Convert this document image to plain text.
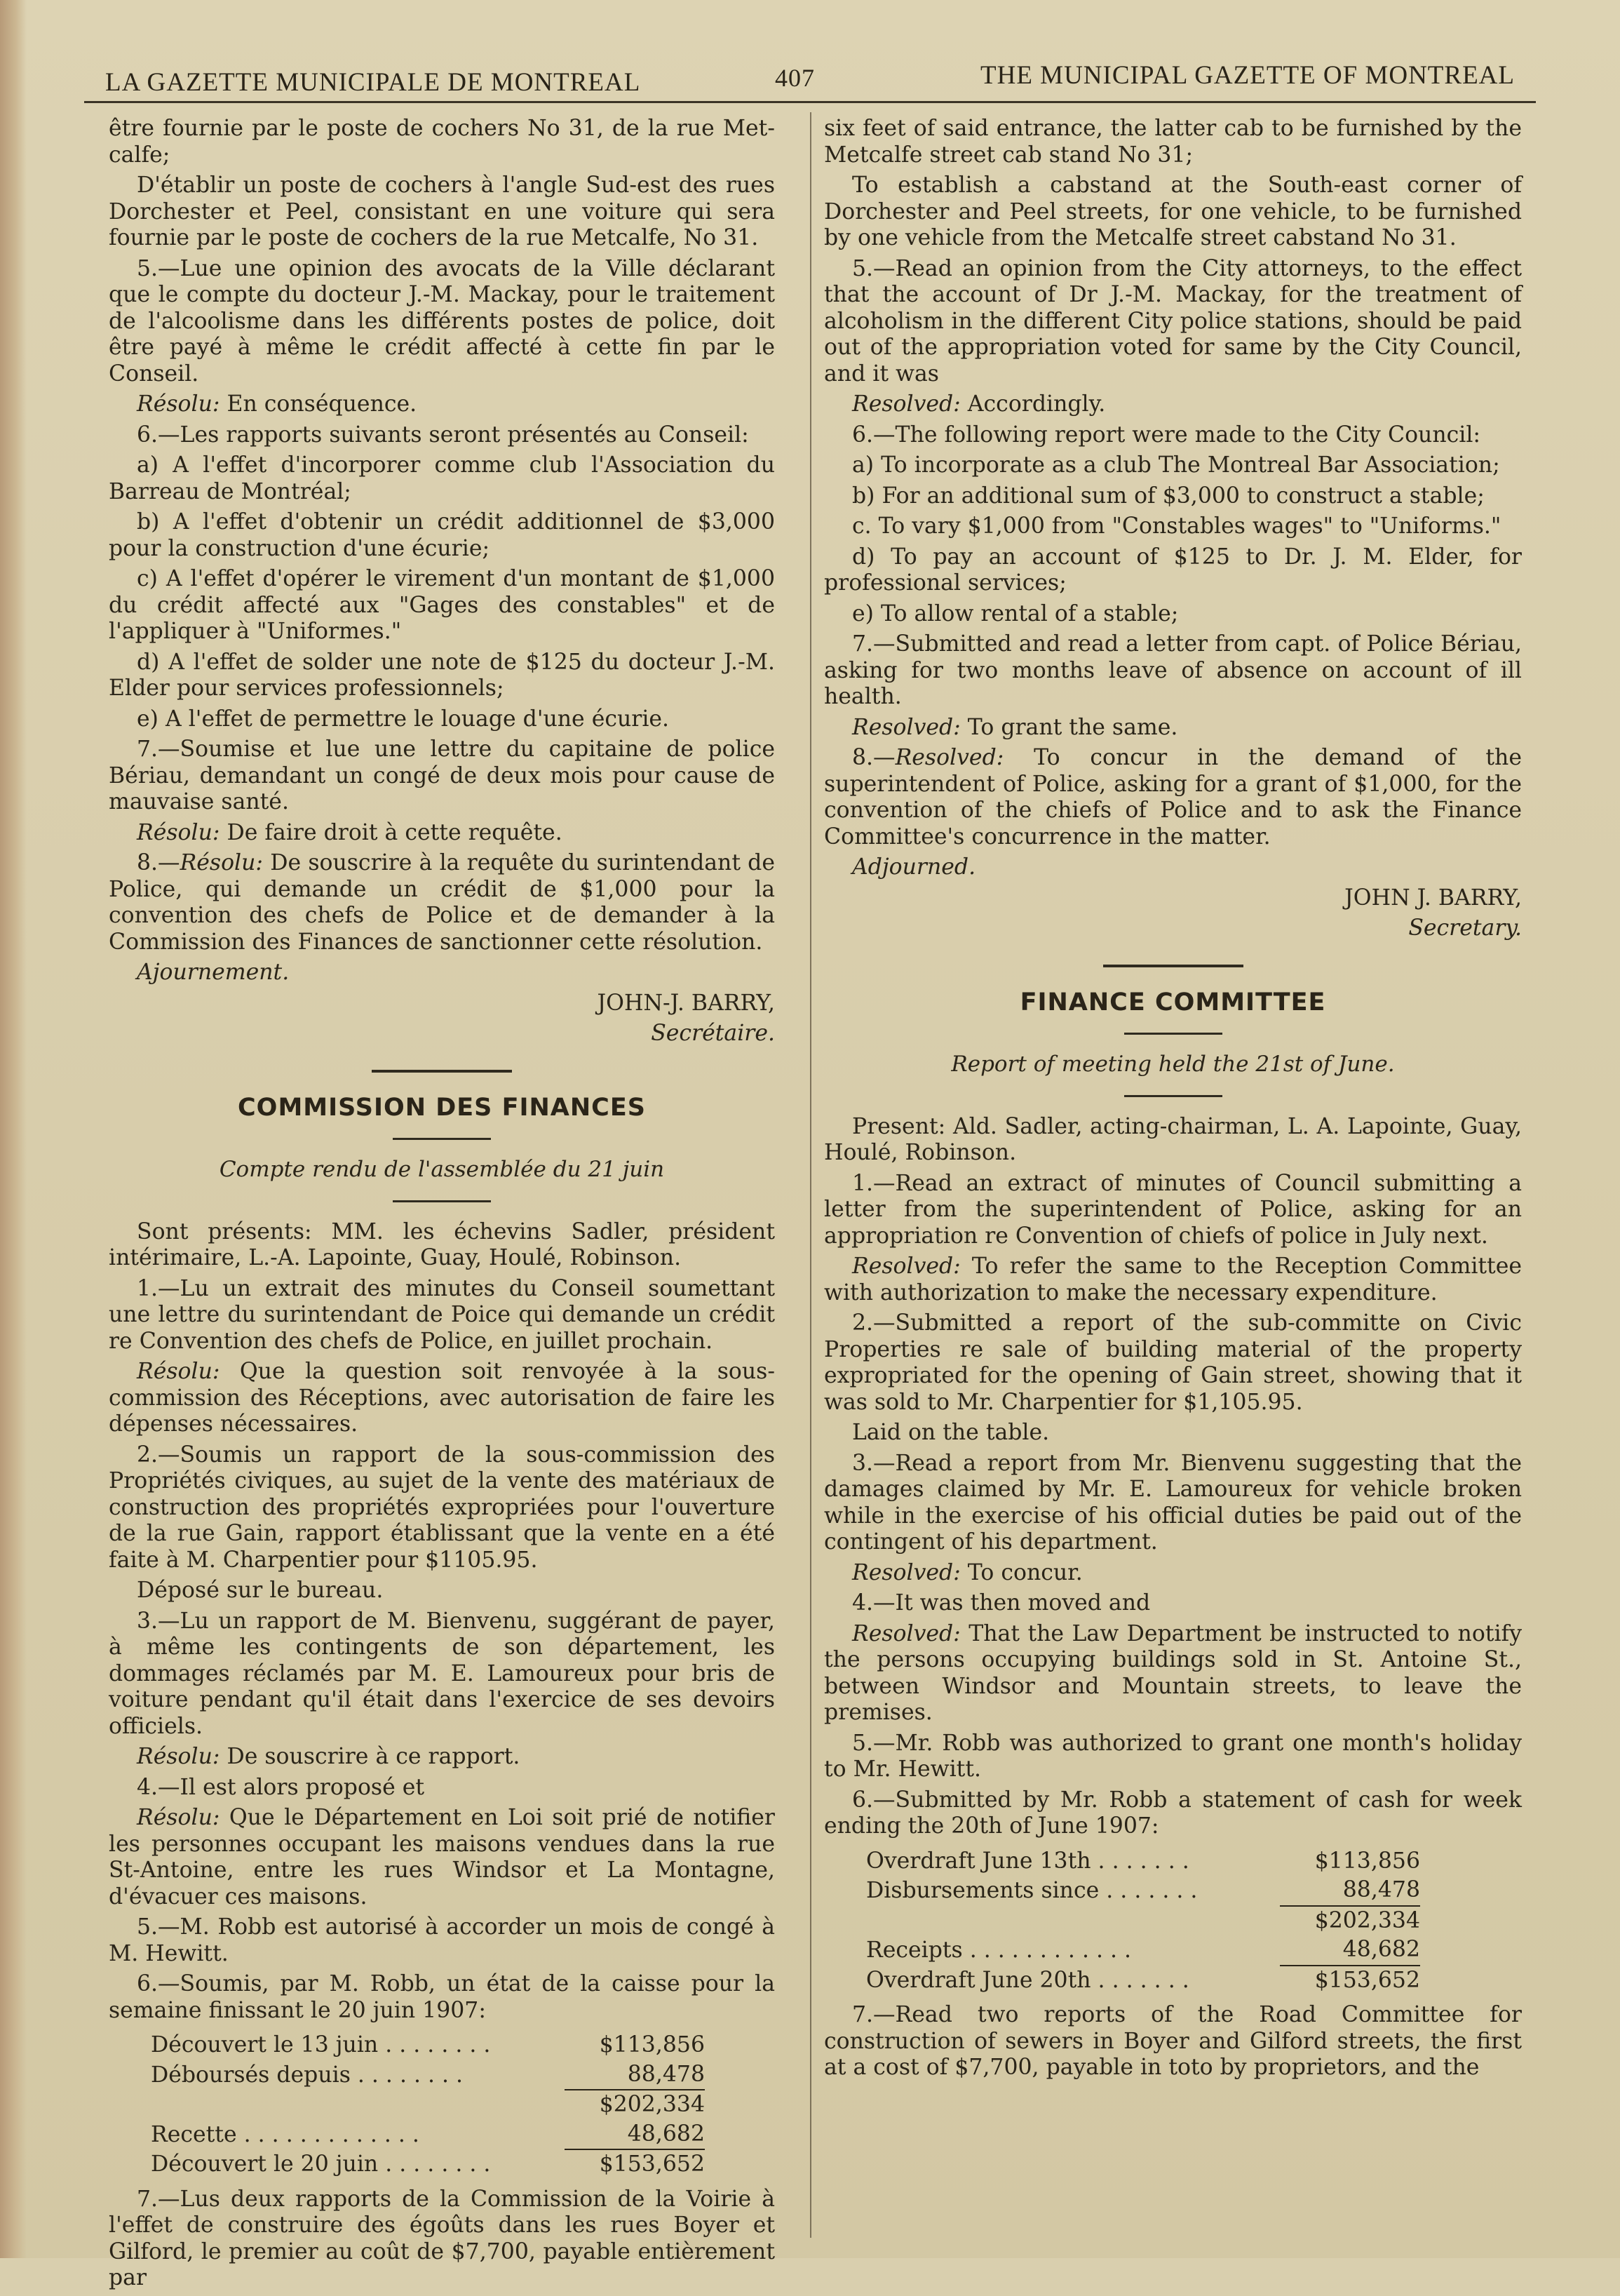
LA GAZETTE MUNICIPALE DE MONTREAL	407	THE MUNICIPAL GAZETTE OF MONTREAL

être fournie par le poste de cochers No 31, de la rue Met-calfe;

D'établir un poste de cochers à l'angle Sud-est des rues Dorchester et Peel, consistant en une voiture qui sera fournie par le poste de cochers de la rue Metcalfe, No 31.

5.—Lue une opinion des avocats de la Ville déclarant que le compte du docteur J.-M. Mackay, pour le traitement de l'alcoolisme dans les différents postes de police, doit être payé à même le crédit affecté à cette fin par le Conseil.

Résolu: En conséquence.

6.—Les rapports suivants seront présentés au Conseil:

a) A l'effet d'incorporer comme club l'Association du Barreau de Montréal;

b) A l'effet d'obtenir un crédit additionnel de $3,000 pour la construction d'une écurie;

c) A l'effet d'opérer le virement d'un montant de $1,000 du crédit affecté aux "Gages des constables" et de l'appliquer à "Uniformes."

d) A l'effet de solder une note de $125 du docteur J.-M. Elder pour services professionnels;

e) A l'effet de permettre le louage d'une écurie.

7.—Soumise et lue une lettre du capitaine de police Bériau, demandant un congé de deux mois pour cause de mauvaise santé.

Résolu: De faire droit à cette requête.

8.—Résolu: De souscrire à la requête du surintendant de Police, qui demande un crédit de $1,000 pour la convention des chefs de Police et de demander à la Commission des Finances de sanctionner cette résolution.

Ajournement.

JOHN-J. BARRY,

Secrétaire.

COMMISSION DES FINANCES
Compte rendu de l'assemblée du 21 juin

Sont présents: MM. les échevins Sadler, président intérimaire, L.-A. Lapointe, Guay, Houlé, Robinson.

1.—Lu un extrait des minutes du Conseil soumettant une lettre du surintendant de Poice qui demande un crédit re Convention des chefs de Police, en juillet prochain.

Résolu: Que la question soit renvoyée à la sous-commission des Réceptions, avec autorisation de faire les dépenses nécessaires.

2.—Soumis un rapport de la sous-commission des Propriétés civiques, au sujet de la vente des matériaux de construction des propriétés expropriées pour l'ouverture de la rue Gain, rapport établissant que la vente en a été faite à M. Charpentier pour $1105.95.

Déposé sur le bureau.

3.—Lu un rapport de M. Bienvenu, suggérant de payer, à même les contingents de son département, les dommages réclamés par M. E. Lamoureux pour bris de voiture pendant qu'il était dans l'exercice de ses devoirs officiels.

Résolu: De souscrire à ce rapport.

4.—Il est alors proposé et

Résolu: Que le Département en Loi soit prié de notifier les personnes occupant les maisons vendues dans la rue St-Antoine, entre les rues Windsor et La Montagne, d'évacuer ces maisons.

5.—M. Robb est autorisé à accorder un mois de congé à M. Hewitt.

6.—Soumis, par M. Robb, un état de la caisse pour la semaine finissant le 20 juin 1907:

Découvert le 13 juin . . . . . . . .	$113,856
Déboursés depuis . . . . . . . .	88,478
	$202,334
Recette . . . . . . . . . . . . .	48,682
Découvert le 20 juin . . . . . . . .	$153,652

7.—Lus deux rapports de la Commission de la Voirie à l'effet de construire des égoûts dans les rues Boyer et Gilford, le premier au coût de $7,700, payable entièrement par

six feet of said entrance, the latter cab to be furnished by the Metcalfe street cab stand No 31;

To establish a cabstand at the South-east corner of Dorchester and Peel streets, for one vehicle, to be furnished by one vehicle from the Metcalfe street cabstand No 31.

5.—Read an opinion from the City attorneys, to the effect that the account of Dr J.-M. Mackay, for the treatment of alcoholism in the different City police stations, should be paid out of the appropriation voted for same by the City Council, and it was

Resolved: Accordingly.

6.—The following report were made to the City Council:

a) To incorporate as a club The Montreal Bar Association;

b) For an additional sum of $3,000 to construct a stable;

c. To vary $1,000 from "Constables wages" to "Uniforms."

d) To pay an account of $125 to Dr. J. M. Elder, for professional services;

e) To allow rental of a stable;

7.—Submitted and read a letter from capt. of Police Bériau, asking for two months leave of absence on account of ill health.

Resolved: To grant the same.

8.—Resolved: To concur in the demand of the superintendent of Police, asking for a grant of $1,000, for the convention of the chiefs of Police and to ask the Finance Committee's concurrence in the matter.

Adjourned.

JOHN J. BARRY,

Secretary.

FINANCE COMMITTEE
Report of meeting held the 21st of June.

Present: Ald. Sadler, acting-chairman, L. A. Lapointe, Guay, Houlé, Robinson.

1.—Read an extract of minutes of Council submitting a letter from the superintendent of Police, asking for an appropriation re Convention of chiefs of police in July next.

Resolved: To refer the same to the Reception Committee with authorization to make the necessary expenditure.

2.—Submitted a report of the sub-committe on Civic Properties re sale of building material of the property expropriated for the opening of Gain street, showing that it was sold to Mr. Charpentier for $1,105.95.

Laid on the table.

3.—Read a report from Mr. Bienvenu suggesting that the damages claimed by Mr. E. Lamoureux for vehicle broken while in the exercise of his official duties be paid out of the contingent of his department.

Resolved: To concur.

4.—It was then moved and

Resolved: That the Law Department be instructed to notify the persons occupying buildings sold in St. Antoine St., between Windsor and Mountain streets, to leave the premises.

5.—Mr. Robb was authorized to grant one month's holiday to Mr. Hewitt.

6.—Submitted by Mr. Robb a statement of cash for week ending the 20th of June 1907:

Overdraft June 13th . . . . . . .	$113,856
Disbursements since . . . . . . .	88,478
	$202,334
Receipts . . . . . . . . . . . .	48,682
Overdraft June 20th . . . . . . .	$153,652

7.—Read two reports of the Road Committee for construction of sewers in Boyer and Gilford streets, the first at a cost of $7,700, payable in toto by proprietors, and the
